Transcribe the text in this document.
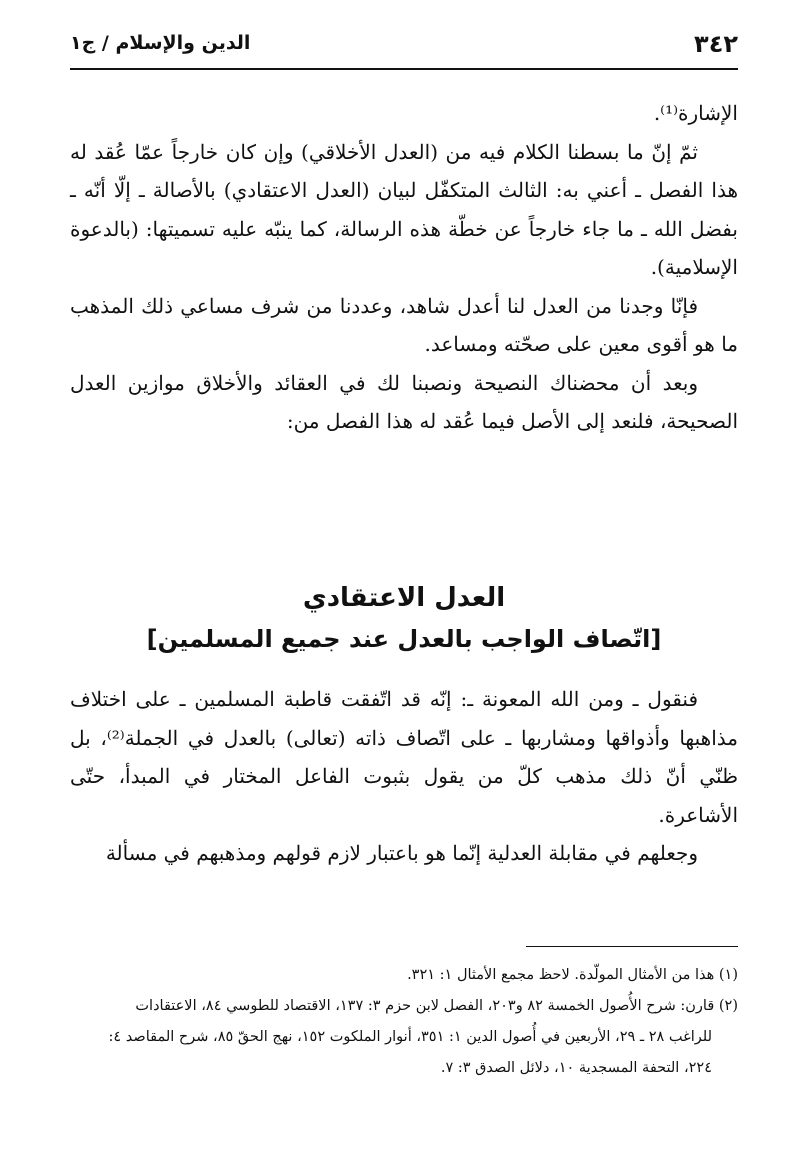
٣٤٢
الدين والإسلام / ج١

الإشارة⁽¹⁾.

ثمّ إنّ ما بسطنا الكلام فيه من (العدل الأخلاقي) وإن كان خارجاً عمّا عُقد له هذا الفصل ـ أعني به: الثالث المتكفّل لبيان (العدل الاعتقادي) بالأصالة ـ إلّا أنّه ـ بفضل الله ـ ما جاء خارجاً عن خطّة هذه الرسالة، كما ينبّه عليه تسميتها: (بالدعوة الإسلامية).

فإنّا وجدنا من العدل لنا أعدل شاهد، وعددنا من شرف مساعي ذلك المذهب ما هو أقوى معين على صحّته ومساعد.

وبعد أن محضناك النصيحة ونصبنا لك في العقائد والأخلاق موازين العدل الصحيحة، فلنعد إلى الأصل فيما عُقد له هذا الفصل من:

العدل الاعتقادي

[اتّصاف الواجب بالعدل عند جميع المسلمين]

فنقول ـ ومن الله المعونة ـ: إنّه قد اتّفقت قاطبة المسلمين ـ على اختلاف مذاهبها وأذواقها ومشاربها ـ على اتّصاف ذاته (تعالى) بالعدل في الجملة⁽²⁾، بل ظنّي أنّ ذلك مذهب كلّ من يقول بثبوت الفاعل المختار في المبدأ، حتّى الأشاعرة.

وجعلهم في مقابلة العدلية إنّما هو باعتبار لازم قولهم ومذهبهم في مسألة

(١) هذا من الأمثال المولّدة. لاحظ مجمع الأمثال ١: ٣٢١.

(٢) قارن: شرح الأُصول الخمسة ٨٢ و٢٠٣، الفصل لابن حزم ٣: ١٣٧، الاقتصاد للطوسي ٨٤، الاعتقادات

للراغب ٢٨ ـ ٢٩، الأربعين في أُصول الدين ١: ٣٥١، أنوار الملكوت ١٥٢، نهج الحقّ ٨٥، شرح المقاصد ٤:

٢٢٤، التحفة المسجدية ١٠، دلائل الصدق ٣: ٧.
